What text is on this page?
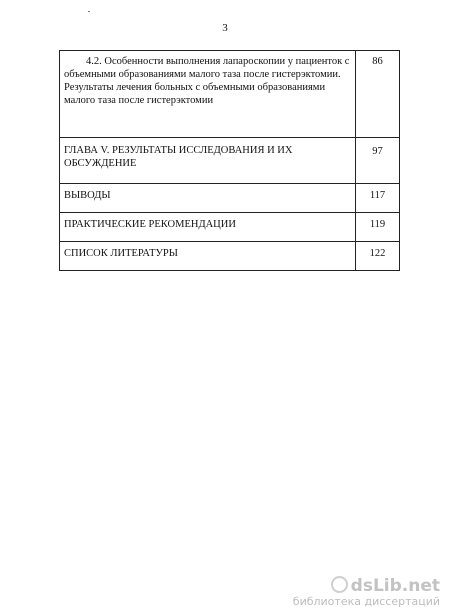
3
4.2. Особенности выполнения лапароскопии у пациенток с
объемными образованиями малого таза после гистерэктомии.
Результаты лечения больных с объемными образованиями
малого таза после гистерэктомии	86

ГЛАВА V. РЕЗУЛЬТАТЫ ИССЛЕДОВАНИЯ И ИХ
ОБСУЖДЕНИЕ	97
ВЫВОДЫ	117
ПРАКТИЧЕСКИЕ РЕКОМЕНДАЦИИ	119
СПИСОК ЛИТЕРАТУРЫ	122
dsLib.net
библиотека диссертаций
